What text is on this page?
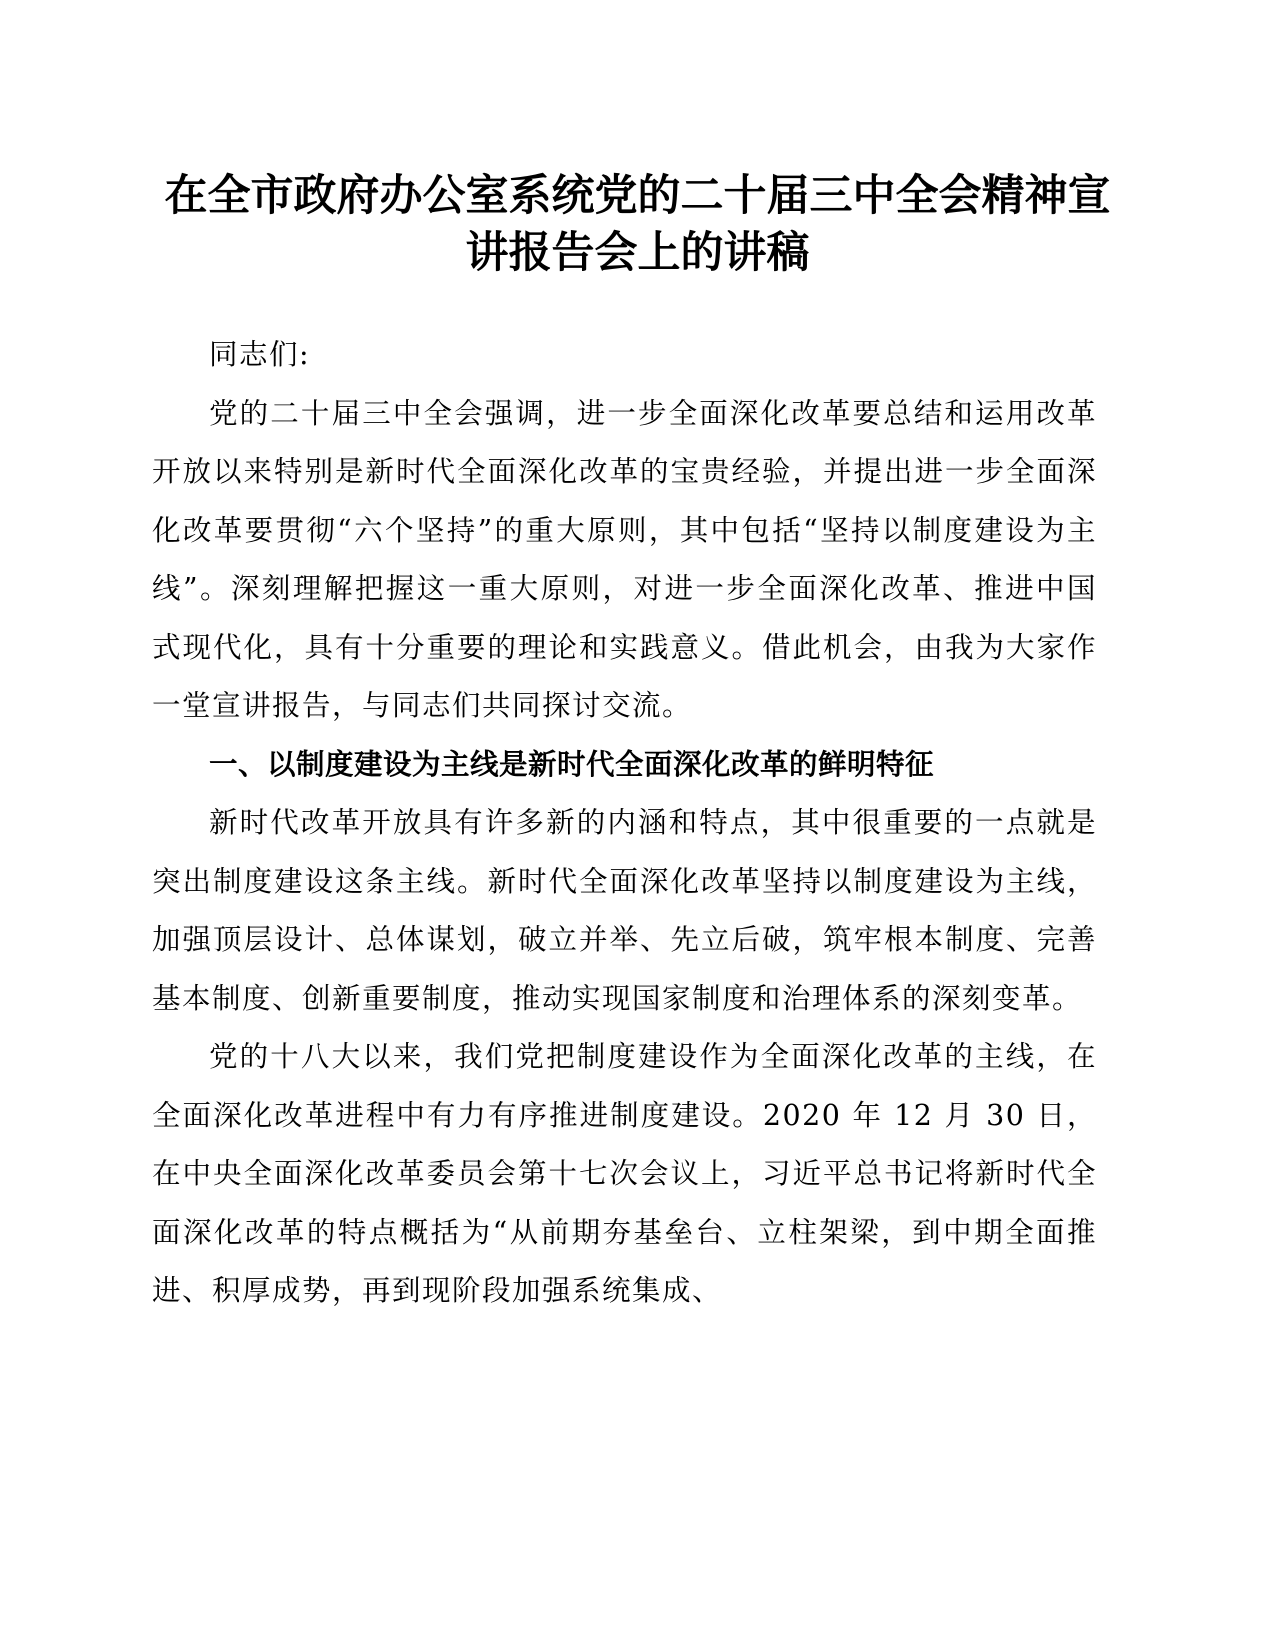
在全市政府办公室系统党的二十届三中全会精神宣讲报告会上的讲稿

同志们:

党的二十届三中全会强调，进一步全面深化改革要总结和运用改革开放以来特别是新时代全面深化改革的宝贵经验，并提出进一步全面深化改革要贯彻“六个坚持”的重大原则，其中包括“坚持以制度建设为主线”。深刻理解把握这一重大原则，对进一步全面深化改革、推进中国式现代化，具有十分重要的理论和实践意义。借此机会，由我为大家作一堂宣讲报告，与同志们共同探讨交流。

一、以制度建设为主线是新时代全面深化改革的鲜明特征

新时代改革开放具有许多新的内涵和特点，其中很重要的一点就是突出制度建设这条主线。新时代全面深化改革坚持以制度建设为主线，加强顶层设计、总体谋划，破立并举、先立后破，筑牢根本制度、完善基本制度、创新重要制度，推动实现国家制度和治理体系的深刻变革。

党的十八大以来，我们党把制度建设作为全面深化改革的主线，在全面深化改革进程中有力有序推进制度建设。2020 年 12 月 30 日，在中央全面深化改革委员会第十七次会议上，习近平总书记将新时代全面深化改革的特点概括为“从前期夯基垒台、立柱架梁，到中期全面推进、积厚成势，再到现阶段加强系统集成、
